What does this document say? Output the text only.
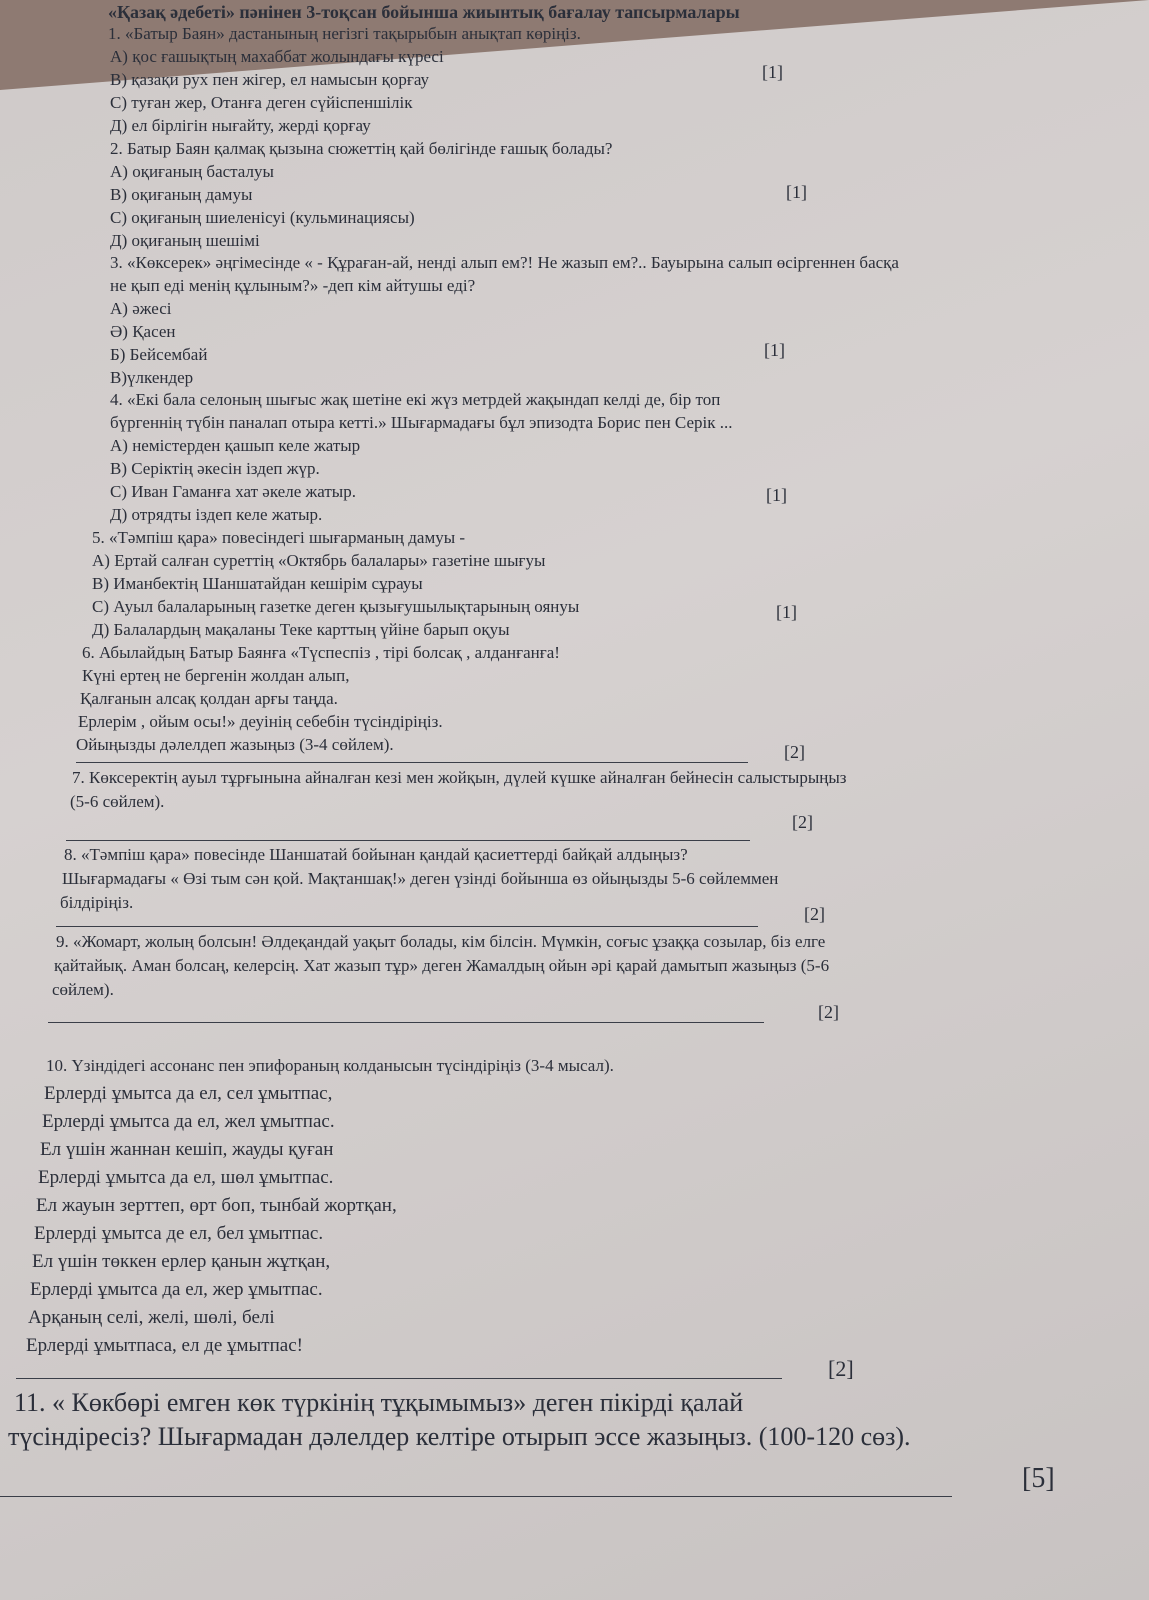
«Қазақ әдебеті» пәнінен 3-тоқсан бойынша жиынтық бағалау тапсырмалары
1. «Батыр Баян» дастанының негізгі тақырыбын анықтап көріңіз.
А) қос ғашықтың махаббат жолындағы күресі
В) қазақи рух пен жігер, ел намысын қорғау
С) туған жер, Отанға деген сүйіспеншілік
Д) ел бірлігін нығайту, жерді қорғау
[1]
2. Батыр Баян қалмақ қызына сюжеттің қай бөлігінде ғашық болады?
А) оқиғаның басталуы
В) оқиғаның дамуы
С) оқиғаның шиеленісуі (кульминациясы)
Д) оқиғаның шешімі
[1]
3. «Көксерек» әңгімесінде « - Құраған-ай, ненді алып ем?! Не жазып ем?.. Бауырына салып өсіргеннен басқа
не қып еді менің құлыным?» -деп кім айтушы еді?
А) әжесі
Ә) Қасен
Б) Бейсембай
В)үлкендер
[1]
4. «Екі бала селоның шығыс жақ шетіне екі жүз метрдей жақындап келді де, бір топ
бүргеннің түбін паналап отыра кетті.» Шығармадағы бұл эпизодта Борис пен Серік ...
А) немістерден қашып келе жатыр
В) Серіктің әкесін іздеп жүр.
С) Иван Гаманға хат әкеле жатыр.
Д) отрядты іздеп келе жатыр.
[1]
5. «Тәмпіш қара» повесіндегі шығарманың дамуы -
А) Ертай салған суреттің «Октябрь балалары» газетіне шығуы
В) Иманбектің Шаншатайдан кешірім сұрауы
С) Ауыл балаларының газетке деген қызығушылықтарының оянуы
Д) Балалардың мақаланы Теке карттың үйіне барып оқуы
[1]
6. Абылайдың Батыр Баянға «Түспеспіз , тірі болсақ , алданғанға!
Күні ертең не бергенін жолдан алып,
Қалғанын алсақ қолдан арғы таңда.
Ерлерім , ойым осы!» деуінің себебін түсіндіріңіз.
Ойыңызды дәлелдеп жазыңыз (3-4 сөйлем).	[2]
7. Көксеректің ауыл тұрғынына айналған кезі мен жойқын, дүлей күшке айналған бейнесін салыстырыңыз
(5-6 сөйлем).
[2]
8. «Тәмпіш қара» повесінде Шаншатай бойынан қандай қасиеттерді байқай алдыңыз?
Шығармадағы « Өзі тым сән қой. Мақтаншақ!» деген үзінді бойынша өз ойыңызды 5-6 сөйлеммен
білдіріңіз.
[2]
9. «Жомарт, жолың болсын! Әлдеқандай уақыт болады, кім білсін. Мүмкін, соғыс ұзаққа созылар, біз елге
қайтайық. Аман болсаң, келерсің. Хат жазып тұр» деген Жамалдың ойын әрі қарай дамытып жазыңыз (5-6
сөйлем).
[2]
10. Үзіндідегі ассонанс пен эпифораның колданысын түсіндіріңіз (3-4 мысал).
Ерлерді ұмытса да ел, сел ұмытпас,
Ерлерді ұмытса да ел, жел ұмытпас.
Ел үшін жаннан кешіп, жауды қуған
Ерлерді ұмытса да ел, шөл ұмытпас.
Ел жауын зерттеп, өрт боп, тынбай жортқан,
Ерлерді ұмытса де ел, бел ұмытпас.
Ел үшін төккен ерлер қанын жұтқан,
Ерлерді ұмытса да ел, жер ұмытпас.
Арқаның селі, желі, шөлі, белі
Ерлерді ұмытпаса, ел де ұмытпас!
[2]
11. « Көкбөрі емген көк түркінің тұқымымыз» деген пікірді қалай
түсіндіресіз? Шығармадан дәлелдер келтіре отырып эссе жазыңыз. (100-120 сөз).
[5]
